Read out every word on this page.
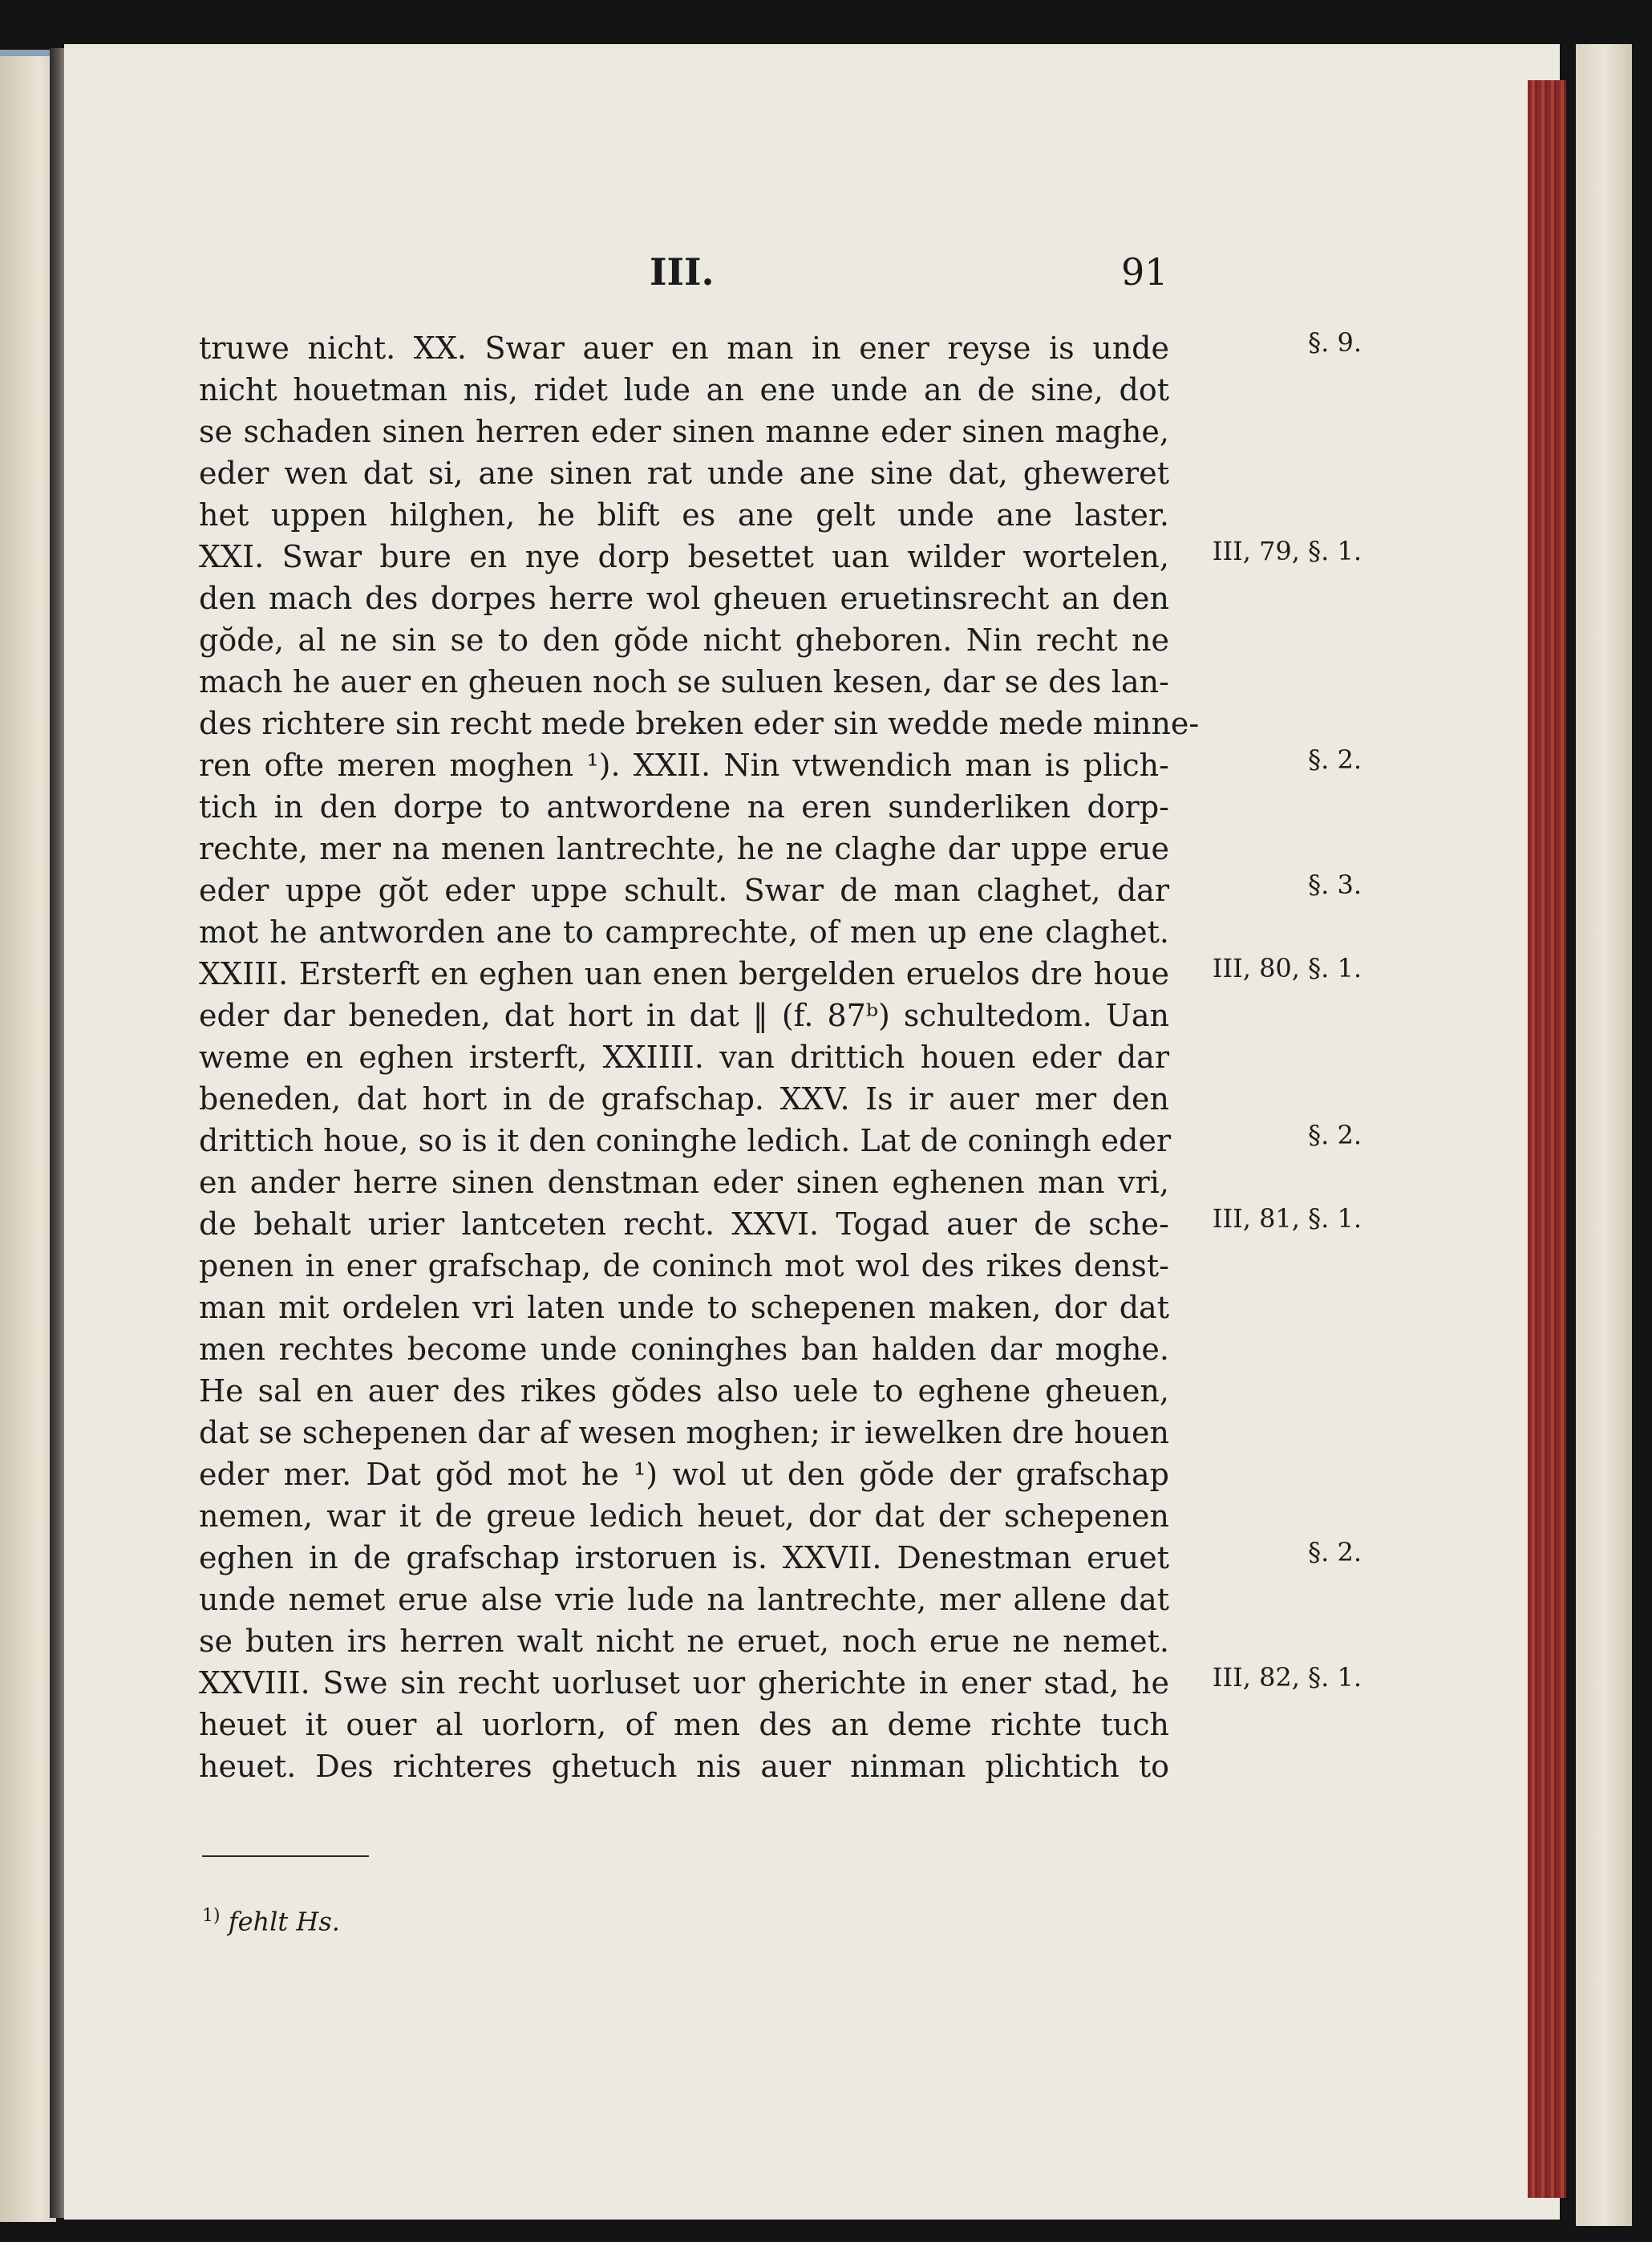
III.	91
truwe nicht. XX. Swar auer en man in ener reyse is unde
nicht houetman nis, ridet lude an ene unde an de sine, dot
se schaden sinen herren eder sinen manne eder sinen maghe,
eder wen dat si, ane sinen rat unde ane sine dat, gheweret
het uppen hilghen, he blift es ane gelt unde ane laster.
XXI. Swar bure en nye dorp besettet uan wilder wortelen,
den mach des dorpes herre wol gheuen eruetinsrecht an den
gŏde, al ne sin se to den gŏde nicht gheboren. Nin recht ne
mach he auer en gheuen noch se suluen kesen, dar se des lan-
des richtere sin recht mede breken eder sin wedde mede minne-
ren ofte meren moghen ¹). XXII. Nin vtwendich man is plich-
tich in den dorpe to antwordene na eren sunderliken dorp-
rechte, mer na menen lantrechte, he ne claghe dar uppe erue
eder uppe gŏt eder uppe schult. Swar de man claghet, dar
mot he antworden ane to camprechte, of men up ene claghet.
XXIII. Ersterft en eghen uan enen bergelden eruelos dre houe
eder dar beneden, dat hort in dat ‖ (f. 87ᵇ) schultedom. Uan
weme en eghen irsterft, XXIIII. van drittich houen eder dar
beneden, dat hort in de grafschap. XXV. Is ir auer mer den
drittich houe, so is it den coninghe ledich. Lat de coningh eder
en ander herre sinen denstman eder sinen eghenen man vri,
de behalt urier lantceten recht. XXVI. Togad auer de sche-
penen in ener grafschap, de coninch mot wol des rikes denst-
man mit ordelen vri laten unde to schepenen maken, dor dat
men rechtes become unde coninghes ban halden dar moghe.
He sal en auer des rikes gŏdes also uele to eghene gheuen,
dat se schepenen dar af wesen moghen; ir iewelken dre houen
eder mer. Dat gŏd mot he ¹) wol ut den gŏde der grafschap
nemen, war it de greue ledich heuet, dor dat der schepenen
eghen in de grafschap irstoruen is. XXVII. Denestman eruet
unde nemet erue alse vrie lude na lantrechte, mer allene dat
se buten irs herren walt nicht ne eruet, noch erue ne nemet.
XXVIII. Swe sin recht uorluset uor gherichte in ener stad, he
heuet it ouer al uorlorn, of men des an deme richte tuch
heuet. Des richteres ghetuch nis auer ninman plichtich to
§. 9.
III, 79, §. 1.
§. 2.
§. 3.
III, 80, §. 1.
§. 2.
III, 81, §. 1.
§. 2.
III, 82, §. 1.
$^{1)}$ fehlt Hs.
